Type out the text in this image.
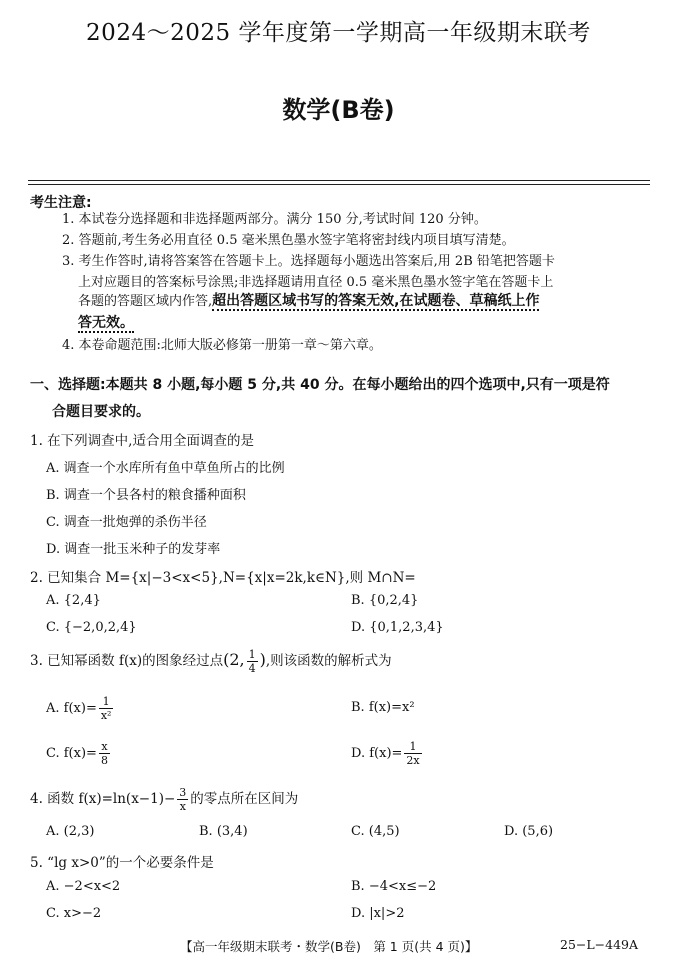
2024～2025 学年度第一学期高一年级期末联考
数学(B卷)
考生注意:
1. 本试卷分选择题和非选择题两部分。满分 150 分,考试时间 120 分钟。
2. 答题前,考生务必用直径 0.5 毫米黑色墨水签字笔将密封线内项目填写清楚。
3. 考生作答时,请将答案答在答题卡上。选择题每小题选出答案后,用 2B 铅笔把答题卡
上对应题目的答案标号涂黑;非选择题请用直径 0.5 毫米黑色墨水签字笔在答题卡上
各题的答题区域内作答,超出答题区域书写的答案无效,在试题卷、草稿纸上作
答无效。
4. 本卷命题范围:北师大版必修第一册第一章～第六章。
一、选择题:本题共 8 小题,每小题 5 分,共 40 分。在每小题给出的四个选项中,只有一项是符
合题目要求的。
1. 在下列调查中,适合用全面调查的是
A. 调查一个水库所有鱼中草鱼所占的比例
B. 调查一个县各村的粮食播种面积
C. 调查一批炮弹的杀伤半径
D. 调查一批玉米种子的发芽率
2. 已知集合 M={x|−3<x<5},N={x|x=2k,k∈N},则 M∩N=
A. {2,4}	B. {0,2,4}
C. {−2,0,2,4}	D. {0,1,2,3,4}
3. 已知幂函数 f(x)的图象经过点(2, $\frac{1}{4}$ ),则该函数的解析式为
A. $f(x)= \frac{1}{\text{x²}}$	B. f(x)=x²
C. $f(x)= \frac{x}{8}$	D. $f(x)= \frac{1}{2x}$
4. 函数 $f(x)=\ln(x-1)- \frac{3}{x}$ 的零点所在区间为
A. (2,3)	B. (3,4)	C. (4,5)	D. (5,6)
5. “lg x>0”的一个必要条件是
A. −2<x<2	B. −4<x≤−2
C. x>−2	D. |x|>2
【高一年级期末联考・数学(B卷)　第 1 页(共 4 页)】	25−L−449A
